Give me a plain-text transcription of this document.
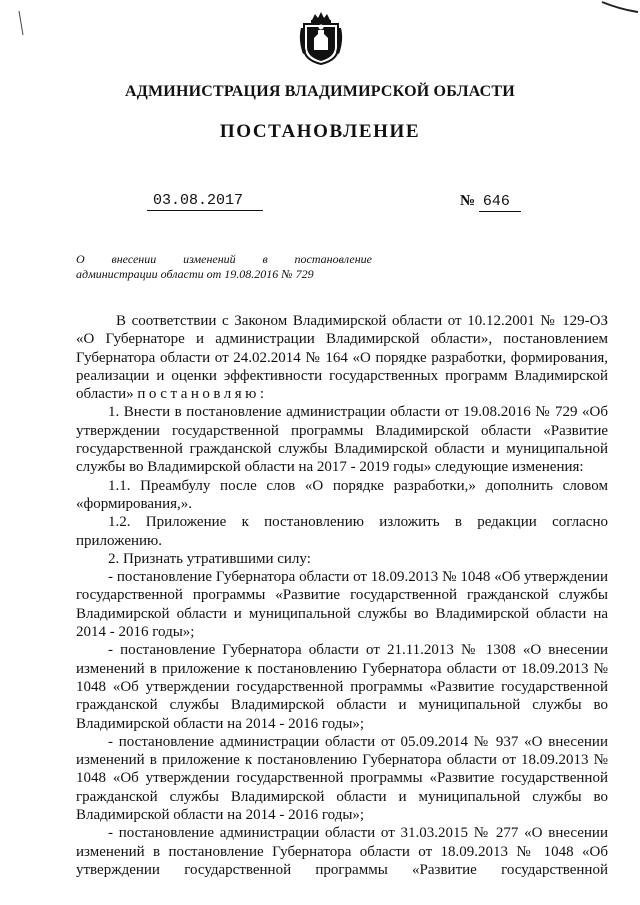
АДМИНИСТРАЦИЯ ВЛАДИМИРСКОЙ ОБЛАСТИ
ПОСТАНОВЛЕНИЕ
03.08.2017	№ 646
О внесении изменений в постановление
администрации области от 19.08.2016 № 729

В соответствии с Законом Владимирской области от 10.12.2001 № 129-ОЗ «О Губернаторе и администрации Владимирской области», постановлением Губернатора области от 24.02.2014 № 164 «О порядке разработки, формирования, реализации и оценки эффективности государственных программ Владимирской области» постановляю:

1. Внести в постановление администрации области от 19.08.2016 № 729 «Об утверждении государственной программы Владимирской области «Развитие государственной гражданской службы Владимирской области и муниципальной службы во Владимирской области на 2017 - 2019 годы» следующие изменения:

1.1. Преамбулу после слов «О порядке разработки,» дополнить словом «формирования,».

1.2. Приложение к постановлению изложить в редакции согласно приложению.

2. Признать утратившими силу:

- постановление Губернатора области от 18.09.2013 № 1048 «Об утверждении государственной программы «Развитие государственной гражданской службы Владимирской области и муниципальной службы во Владимирской области на 2014 - 2016 годы»;

- постановление Губернатора области от 21.11.2013 № 1308 «О внесении изменений в приложение к постановлению Губернатора области от 18.09.2013 № 1048 «Об утверждении государственной программы «Развитие государственной гражданской службы Владимирской области и муниципальной службы во Владимирской области на 2014 - 2016 годы»;

- постановление администрации области от 05.09.2014 № 937 «О внесении изменений в приложение к постановлению Губернатора области от 18.09.2013 № 1048 «Об утверждении государственной программы «Развитие государственной гражданской службы Владимирской области и муниципальной службы во Владимирской области на 2014 - 2016 годы»;

- постановление администрации области от 31.03.2015 № 277 «О внесении изменений в постановление Губернатора области от 18.09.2013 № 1048 «Об утверждении государственной программы «Развитие государственной
